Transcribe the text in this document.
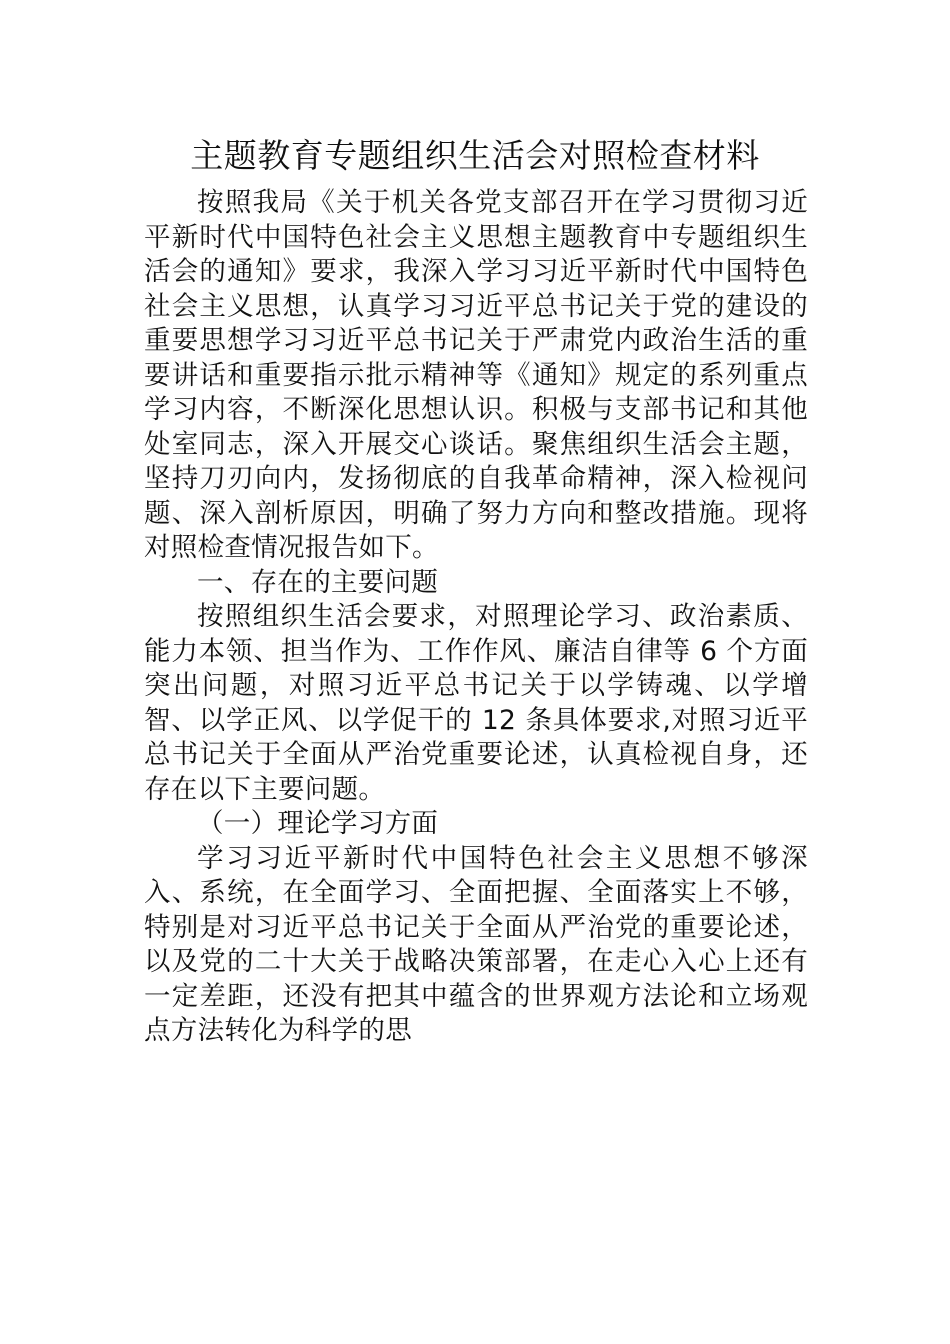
主题教育专题组织生活会对照检查材料

按照我局《关于机关各党支部召开在学习贯彻习近平新时代中国特色社会主义思想主题教育中专题组织生活会的通知》要求，我深入学习习近平新时代中国特色社会主义思想，认真学习习近平总书记关于党的建设的重要思想学习习近平总书记关于严肃党内政治生活的重要讲话和重要指示批示精神等《通知》规定的系列重点学习内容，不断深化思想认识。积极与支部书记和其他处室同志，深入开展交心谈话。聚焦组织生活会主题，坚持刀刃向内，发扬彻底的自我革命精神，深入检视问题、深入剖析原因，明确了努力方向和整改措施。现将对照检查情况报告如下。

一、存在的主要问题

按照组织生活会要求，对照理论学习、政治素质、能力本领、担当作为、工作作风、廉洁自律等 6 个方面突出问题，对照习近平总书记关于以学铸魂、以学增智、以学正风、以学促干的 12 条具体要求,对照习近平总书记关于全面从严治党重要论述，认真检视自身，还存在以下主要问题。

（一）理论学习方面

学习习近平新时代中国特色社会主义思想不够深入、系统，在全面学习、全面把握、全面落实上不够，特别是对习近平总书记关于全面从严治党的重要论述，以及党的二十大关于战略决策部署，在走心入心上还有一定差距，还没有把其中蕴含的世界观方法论和立场观点方法转化为科学的思
